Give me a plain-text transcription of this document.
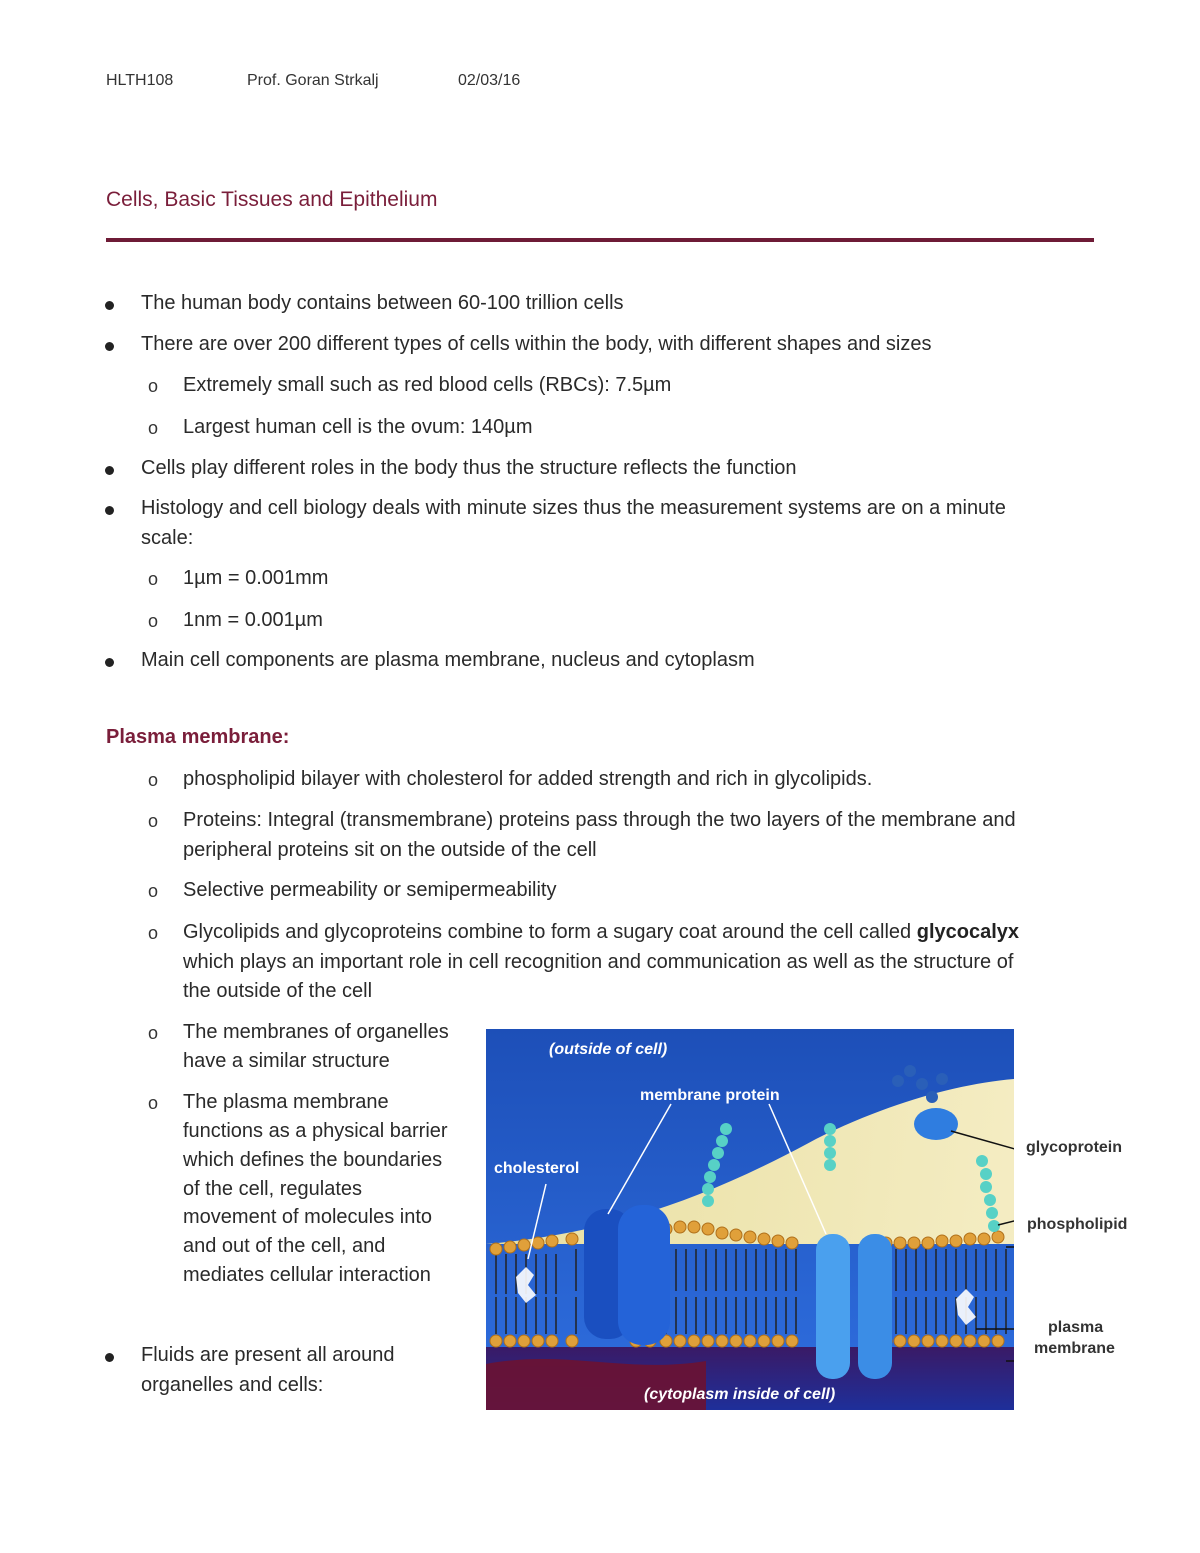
HLTH108	Prof. Goran Strkalj	02/03/16
Cells, Basic Tissues and Epithelium
The human body contains between 60-100 trillion cells
There are over 200 different types of cells within the body, with different shapes and sizes
o Extremely small such as red blood cells (RBCs): 7.5µm
o Largest human cell is the ovum: 140µm
Cells play different roles in the body thus the structure reflects the function
Histology and cell biology deals with minute sizes thus the measurement systems are on a minute
scale:
o 1µm = 0.001mm
o 1nm = 0.001µm
Main cell components are plasma membrane, nucleus and cytoplasm
Plasma membrane:
o phospholipid bilayer with cholesterol for added strength and rich in glycolipids.
o Proteins: Integral (transmembrane) proteins pass through the two layers of the membrane and
peripheral proteins sit on the outside of the cell
o Selective permeability or semipermeability
o Glycolipids and glycoproteins combine to form a sugary coat around the cell called glycocalyx
which plays an important role in cell recognition and communication as well as the structure of
the outside of the cell
o The membranes of organelles
have a similar structure
o The plasma membrane
functions as a physical barrier
which defines the boundaries
of the cell, regulates
movement of molecules into
and out of the cell, and
mediates cellular interaction
Fluids are present all around
organelles and cells:
(outside of cell)
membrane protein
cholesterol
(cytoplasm inside of cell)
glycoprotein
phospholipid
plasma
membrane
